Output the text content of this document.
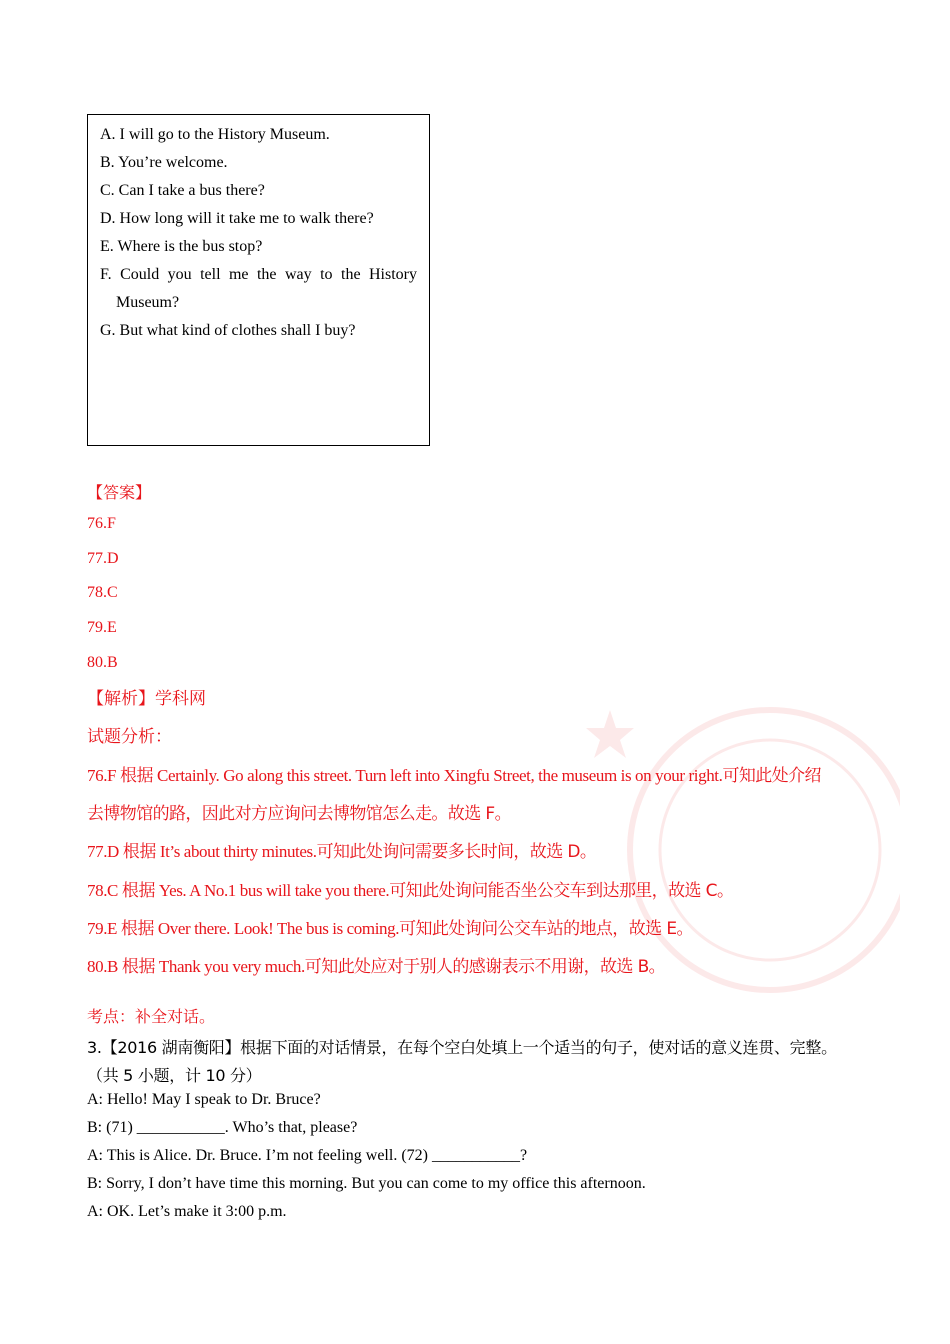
A. I will go to the History Museum.
B. You’re welcome.
C. Can I take a bus there?
D. How long will it take me to walk there?
E. Where is the bus stop?
F. Could you tell me the way to the History
Museum?
G. But what kind of clothes shall I buy?
【答案】
76.F
77.D
78.C
79.E
80.B
【解析】学科网
试题分析：
76.F 根据 Certainly. Go along this street. Turn left into Xingfu Street, the museum is on your right.可知此处介绍
去博物馆的路，因此对方应询问去博物馆怎么走。故选 F。
77.D 根据 It’s about thirty minutes.可知此处询问需要多长时间，故选 D。
78.C 根据 Yes. A No.1 bus will take you there.可知此处询问能否坐公交车到达那里，故选 C。
79.E 根据 Over there. Look! The bus is coming.可知此处询问公交车站的地点，故选 E。
80.B 根据 Thank you very much.可知此处应对于别人的感谢表示不用谢，故选 B。
考点：补全对话。
3.【2016 湖南衡阳】根据下面的对话情景，在每个空白处填上一个适当的句子，使对话的意义连贯、完整。
（共 5 小题，计 10 分）
A: Hello! May I speak to Dr. Bruce?
B: (71) ___________. Who’s that, please?
A: This is Alice. Dr. Bruce. I’m not feeling well. (72) ___________?
B: Sorry, I don’t have time this morning. But you can come to my office this afternoon.
A: OK. Let’s make it 3:00 p.m.
